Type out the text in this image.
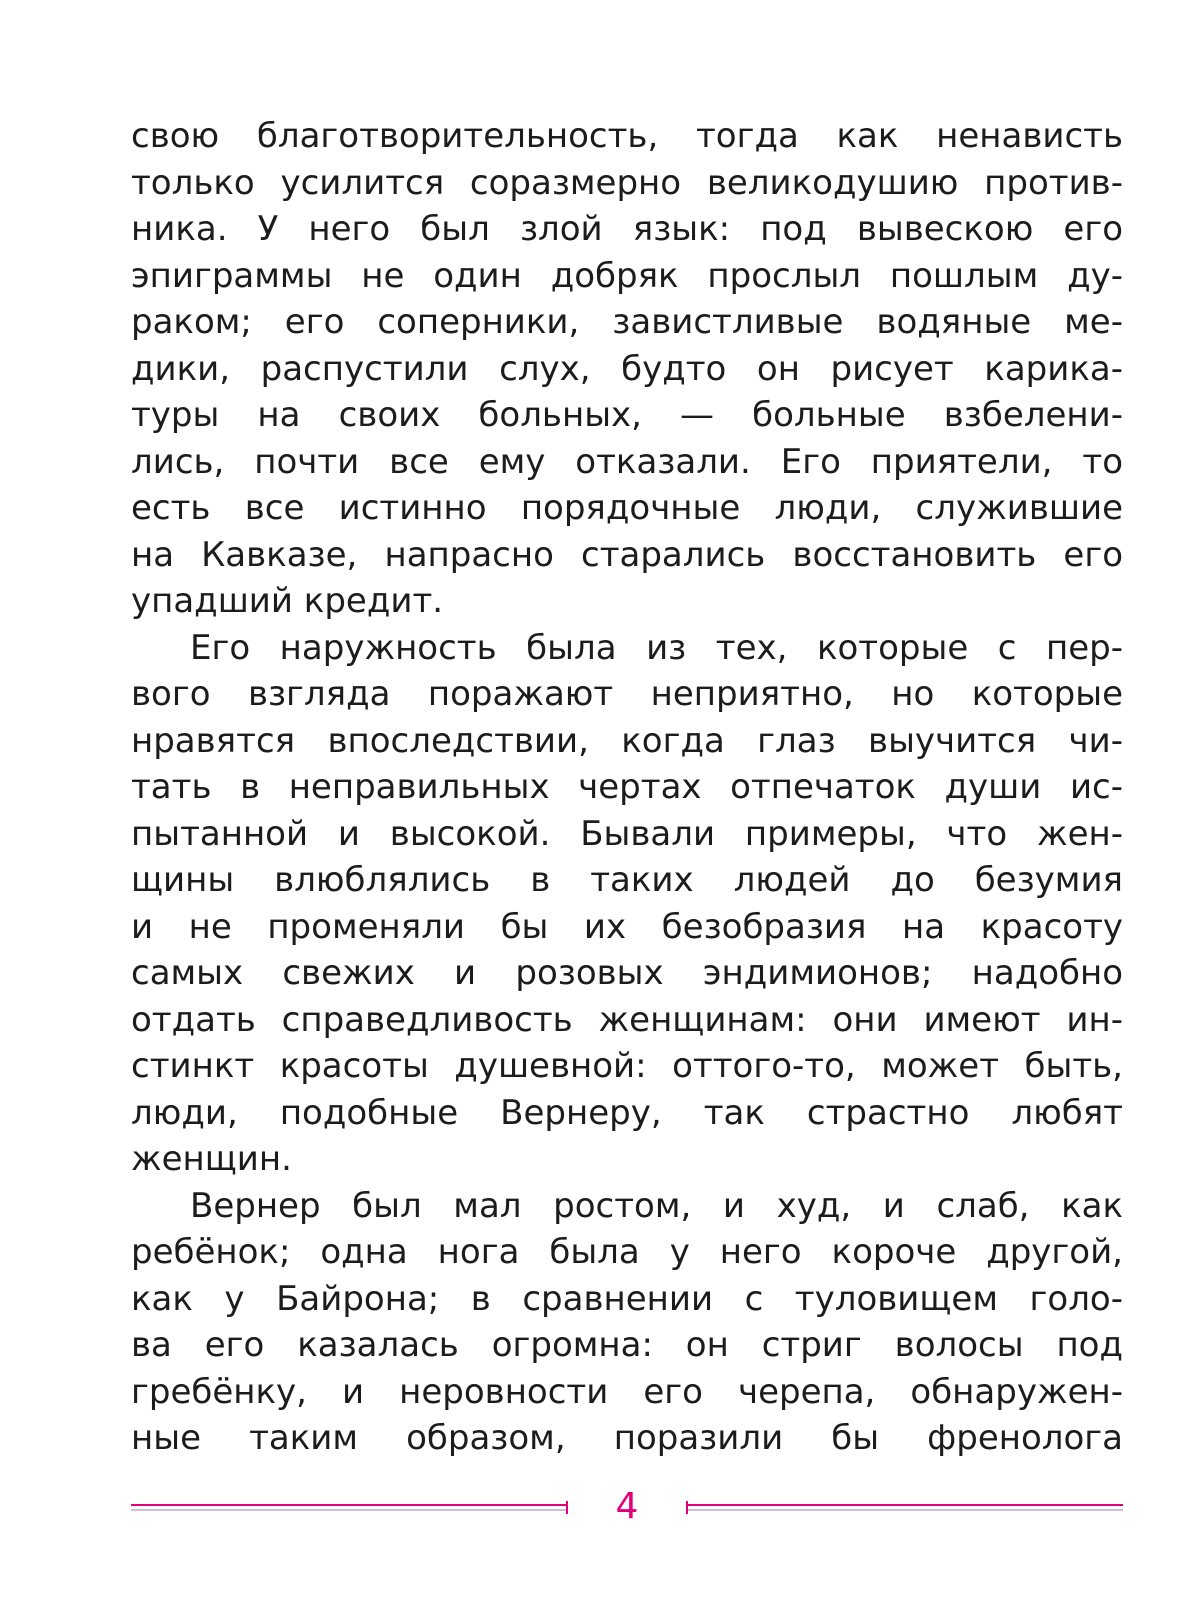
свою благотворительность, тогда как ненависть
только усилится соразмерно великодушию против-
ника. У него был злой язык: под вывескою его
эпиграммы не один добряк прослыл пошлым ду-
раком; его соперники, завистливые водяные ме-
дики, распустили слух, будто он рисует карика-
туры на своих больных, — больные взбелени-
лись, почти все ему отказали. Его приятели, то
есть все истинно порядочные люди, служившие
на Кавказе, напрасно старались восстановить его
упадший кредит.
Его наружность была из тех, которые с пер-
вого взгляда поражают неприятно, но которые
нравятся впоследствии, когда глаз выучится чи-
тать в неправильных чертах отпечаток души ис-
пытанной и высокой. Бывали примеры, что жен-
щины влюблялись в таких людей до безумия
и не променяли бы их безобразия на красоту
самых свежих и розовых эндимионов; надобно
отдать справедливость женщинам: они имеют ин-
стинкт красоты душевной: оттого-то, может быть,
люди, подобные Вернеру, так страстно любят
женщин.
Вернер был мал ростом, и худ, и слаб, как
ребёнок; одна нога была у него короче другой,
как у Байрона; в сравнении с туловищем голо-
ва его казалась огромна: он стриг волосы под
гребёнку, и неровности его черепа, обнаружен-
ные таким образом, поразили бы френолога
4
